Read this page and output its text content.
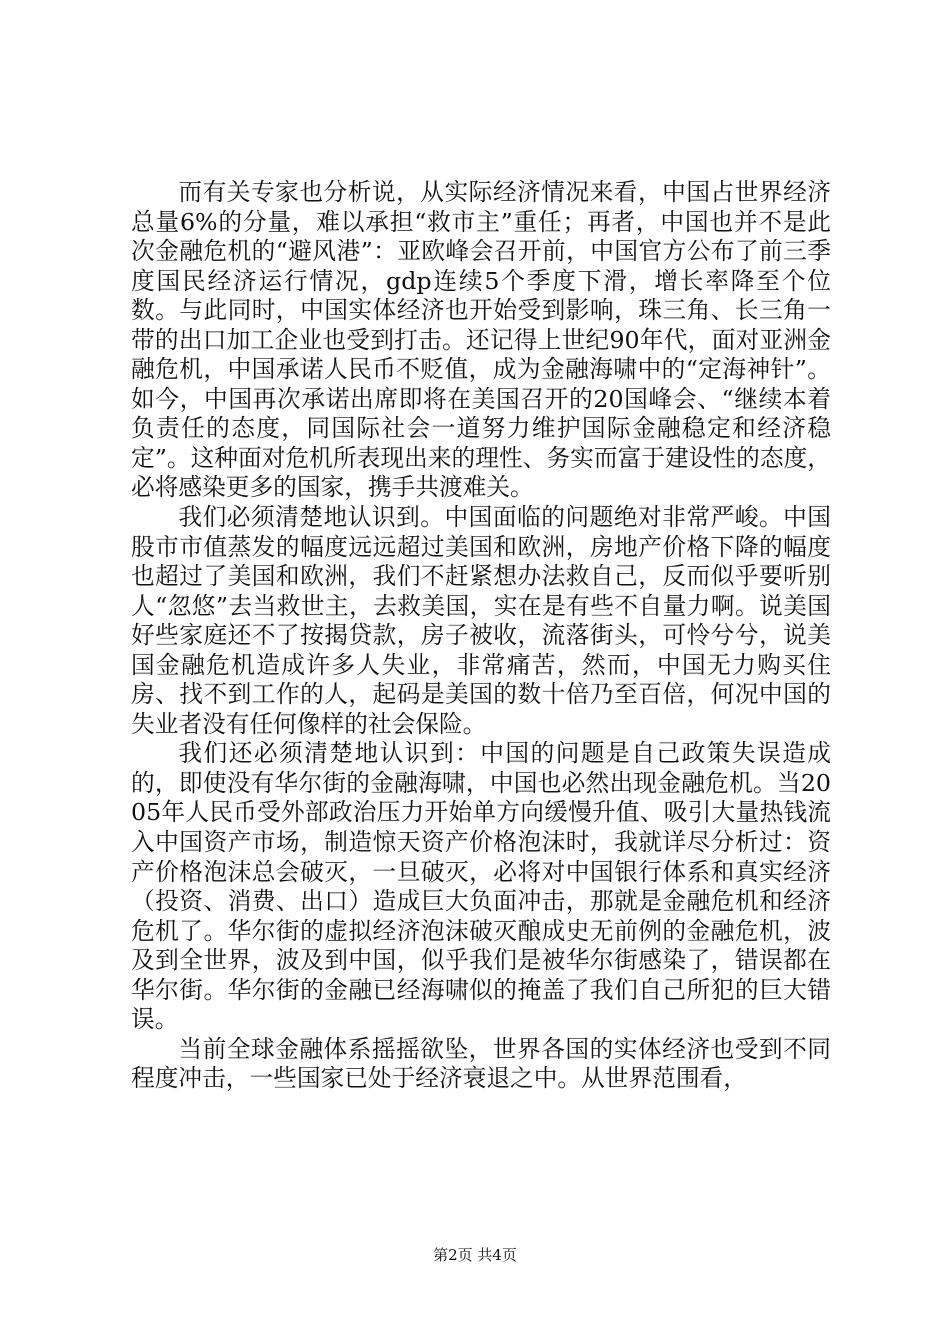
而有关专家也分析说，从实际经济情况来看，中国占世界经济总量6%的分量，难以承担“救市主”重任；再者，中国也并不是此次金融危机的“避风港”：亚欧峰会召开前，中国官方公布了前三季度国民经济运行情况，gdp连续5个季度下滑，增长率降至个位数。与此同时，中国实体经济也开始受到影响，珠三角、长三角一带的出口加工企业也受到打击。还记得上世纪90年代，面对亚洲金融危机，中国承诺人民币不贬值，成为金融海啸中的“定海神针”。如今，中国再次承诺出席即将在美国召开的20国峰会、“继续本着负责任的态度，同国际社会一道努力维护国际金融稳定和经济稳定”。这种面对危机所表现出来的理性、务实而富于建设性的态度，必将感染更多的国家，携手共渡难关。

我们必须清楚地认识到。中国面临的问题绝对非常严峻。中国股市市值蒸发的幅度远远超过美国和欧洲，房地产价格下降的幅度也超过了美国和欧洲，我们不赶紧想办法救自己，反而似乎要听别人“忽悠”去当救世主，去救美国，实在是有些不自量力啊。说美国好些家庭还不了按揭贷款，房子被收，流落街头，可怜兮兮，说美国金融危机造成许多人失业，非常痛苦，然而，中国无力购买住房、找不到工作的人，起码是美国的数十倍乃至百倍，何况中国的失业者没有任何像样的社会保险。

我们还必须清楚地认识到：中国的问题是自己政策失误造成的，即使没有华尔街的金融海啸，中国也必然出现金融危机。当2005年人民币受外部政治压力开始单方向缓慢升值、吸引大量热钱流入中国资产市场，制造惊天资产价格泡沫时，我就详尽分析过：资产价格泡沫总会破灭，一旦破灭，必将对中国银行体系和真实经济（投资、消费、出口）造成巨大负面冲击，那就是金融危机和经济危机了。华尔街的虚拟经济泡沫破灭酿成史无前例的金融危机，波及到全世界，波及到中国，似乎我们是被华尔街感染了，错误都在华尔街。华尔街的金融已经海啸似的掩盖了我们自己所犯的巨大错误。

当前全球金融体系摇摇欲坠，世界各国的实体经济也受到不同程度冲击，一些国家已处于经济衰退之中。从世界范围看，

第2页 共4页
